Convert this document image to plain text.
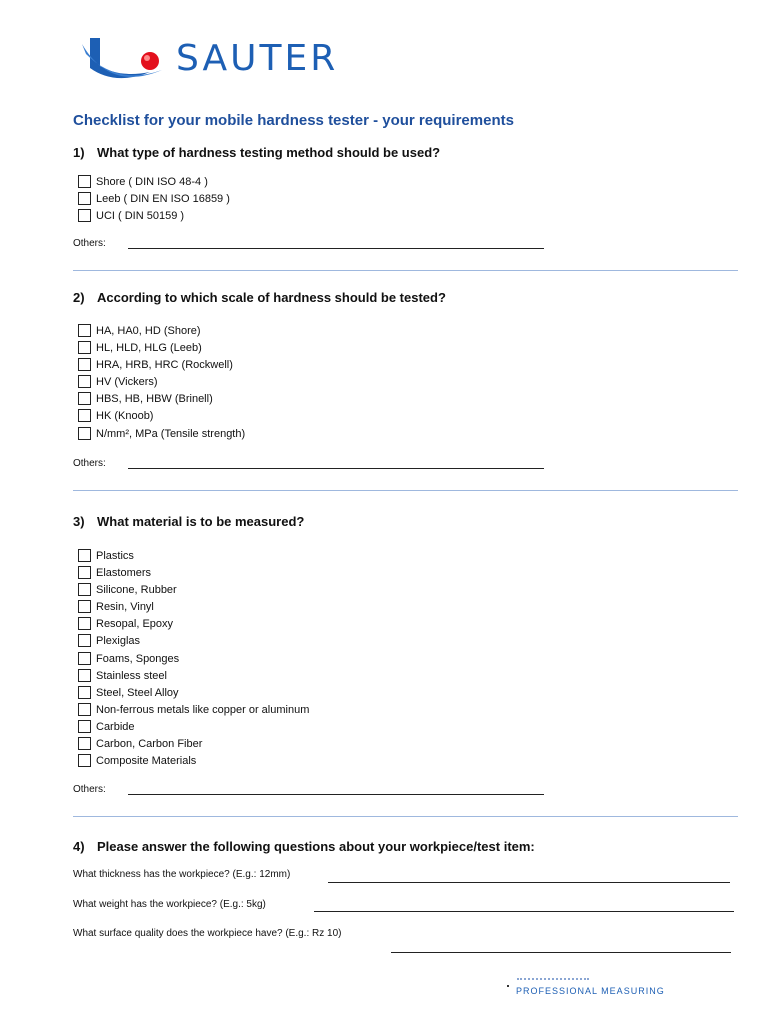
SAUTER
Checklist for your mobile hardness tester - your requirements
1) What type of hardness testing method should be used?
Shore ( DIN ISO 48-4 )
Leeb ( DIN EN ISO 16859 )
UCI ( DIN 50159 )
Others:
2) According to which scale of hardness should be tested?
HA, HA0, HD (Shore)
HL, HLD, HLG (Leeb)
HRA, HRB, HRC (Rockwell)
HV (Vickers)
HBS, HB, HBW (Brinell)
HK (Knoob)
N/mm², MPa (Tensile strength)
Others:
3) What material is to be measured?
Plastics
Elastomers
Silicone, Rubber
Resin, Vinyl
Resopal, Epoxy
Plexiglas
Foams, Sponges
Stainless steel
Steel, Steel Alloy
Non-ferrous metals like copper or aluminum
Carbide
Carbon, Carbon Fiber
Composite Materials
Others:
4) Please answer the following questions about your workpiece/test item:
What thickness has the workpiece? (E.g.: 12mm)
What weight has the workpiece? (E.g.: 5kg)
What surface quality does the workpiece have? (E.g.: Rz 10)
PROFESSIONAL MEASURING
